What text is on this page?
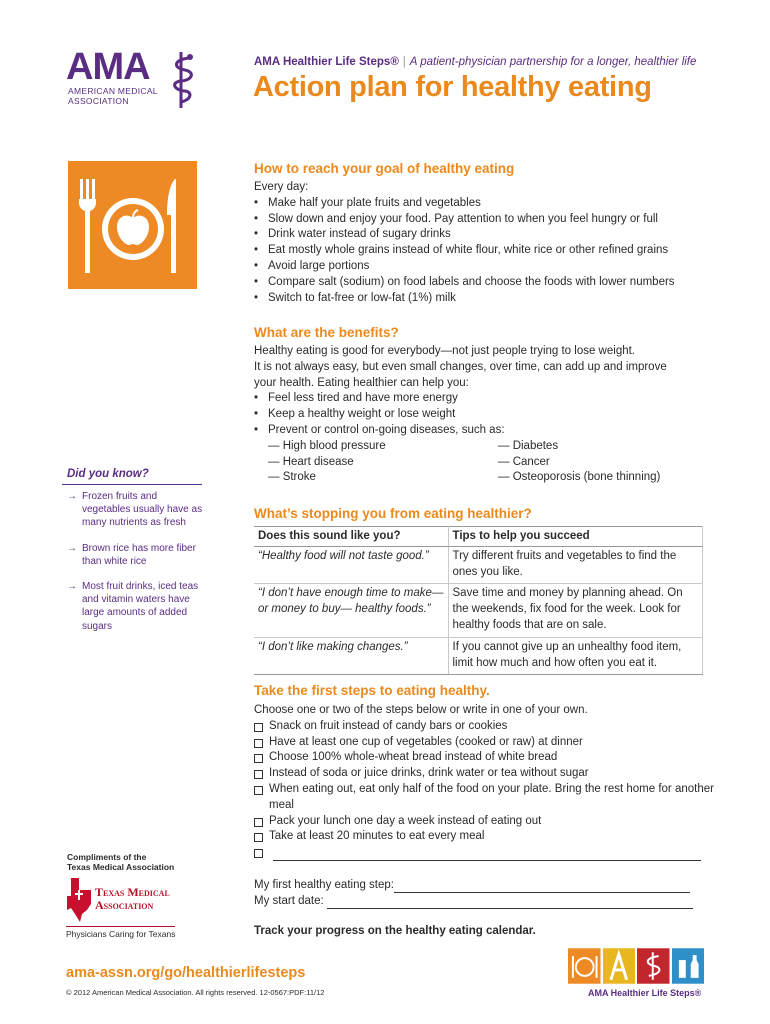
AMA
AMERICAN MEDICAL
ASSOCIATION
AMA Healthier Life Steps® | A patient-physician partnership for a longer, healthier life
Action plan for healthy eating
How to reach your goal of healthy eating
Every day:
• Make half your plate fruits and vegetables
• Slow down and enjoy your food. Pay attention to when you feel hungry or full
• Drink water instead of sugary drinks
• Eat mostly whole grains instead of white flour, white rice or other refined grains
• Avoid large portions
• Compare salt (sodium) on food labels and choose the foods with lower numbers
• Switch to fat-free or low-fat (1%) milk
What are the benefits?
Healthy eating is good for everybody—not just people trying to lose weight.
It is not always easy, but even small changes, over time, can add up and improve
your health. Eating healthier can help you:
• Feel less tired and have more energy
• Keep a healthy weight or lose weight
• Prevent or control on-going diseases, such as:
— High blood pressure	— Diabetes
— Heart disease	— Cancer
— Stroke	— Osteoporosis (bone thinning)
Did you know?
→ Frozen fruits and vegetables usually have as many nutrients as fresh
→ Brown rice has more fiber than white rice
→ Most fruit drinks, iced teas and vitamin waters have large amounts of added sugars
What’s stopping you from eating healthier?
Does this sound like you?	Tips to help you succeed
“Healthy food will not taste good.”	Try different fruits and vegetables to find the ones you like.
“I don’t have enough time to make—or money to buy— healthy foods.”	Save time and money by planning ahead. On the weekends, fix food for the week. Look for healthy foods that are on sale.
“I don’t like making changes.”	If you cannot give up an unhealthy food item, limit how much and how often you eat it.
Take the first steps to eating healthy.
Choose one or two of the steps below or write in one of your own.
Snack on fruit instead of candy bars or cookies
Have at least one cup of vegetables (cooked or raw) at dinner
Choose 100% whole-wheat bread instead of white bread
Instead of soda or juice drinks, drink water or tea without sugar
When eating out, eat only half of the food on your plate. Bring the rest home for another meal
Pack your lunch one day a week instead of eating out
Take at least 20 minutes to eat every meal
My first healthy eating step:
My start date:
Track your progress on the healthy eating calendar.
Compliments of the
Texas Medical Association
Texas Medical
Association
Physicians Caring for Texans
ama-assn.org/go/healthierlifesteps
© 2012 American Medical Association. All rights reserved. 12-0567:PDF:11/12	AMA Healthier Life Steps®
